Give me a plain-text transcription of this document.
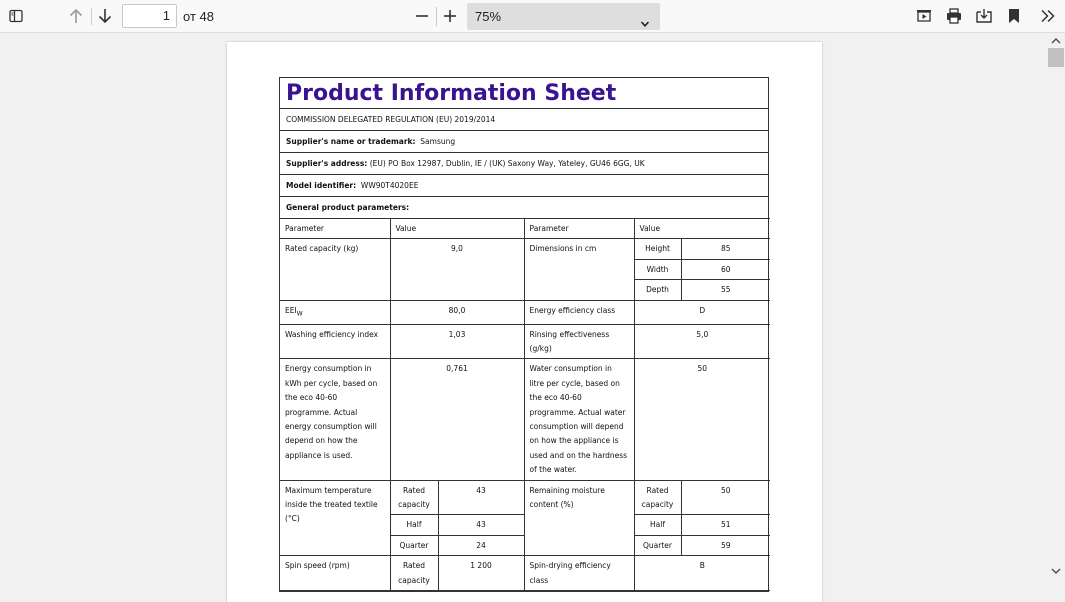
1	от 48	75%
Product Information Sheet
COMMISSION DELEGATED REGULATION (EU) 2019/2014
Supplier's name or trademark:
Samsung
Supplier's address:
(EU) PO Box 12987, Dublin, IE / (UK) Saxony Way, Yateley, GU46 6GG, UK
Model identifier:
WW90T4020EE
General product parameters:
Parameter	Value		Parameter	Value	
Rated capacity (kg)	9,0		Dimensions in cm	Height	85
				Width	60
				Depth	55
$EEI_W$	80,0		Energy efficiency class	D	
Washing efficiency index	1,03		Rinsing effectiveness (g/kg)	5,0	
Energy consumption in kWh per cycle, based on the eco 40-60 programme. Actual energy consumption will depend on how the appliance is used.	0,761		Water consumption in litre per cycle, based on the eco 40-60 programme. Actual water consumption will depend on how the appliance is used and on the hardness of the water.	50	
Maximum temperature inside the treated textile (°C)	Rated capacity	43	Remaining moisture content (%)	Rated capacity	50
	Half	43		Half	51
	Quarter	24		Quarter	59
Spin speed (rpm)	Rated capacity	1 200	Spin-drying efficiency class	B	
